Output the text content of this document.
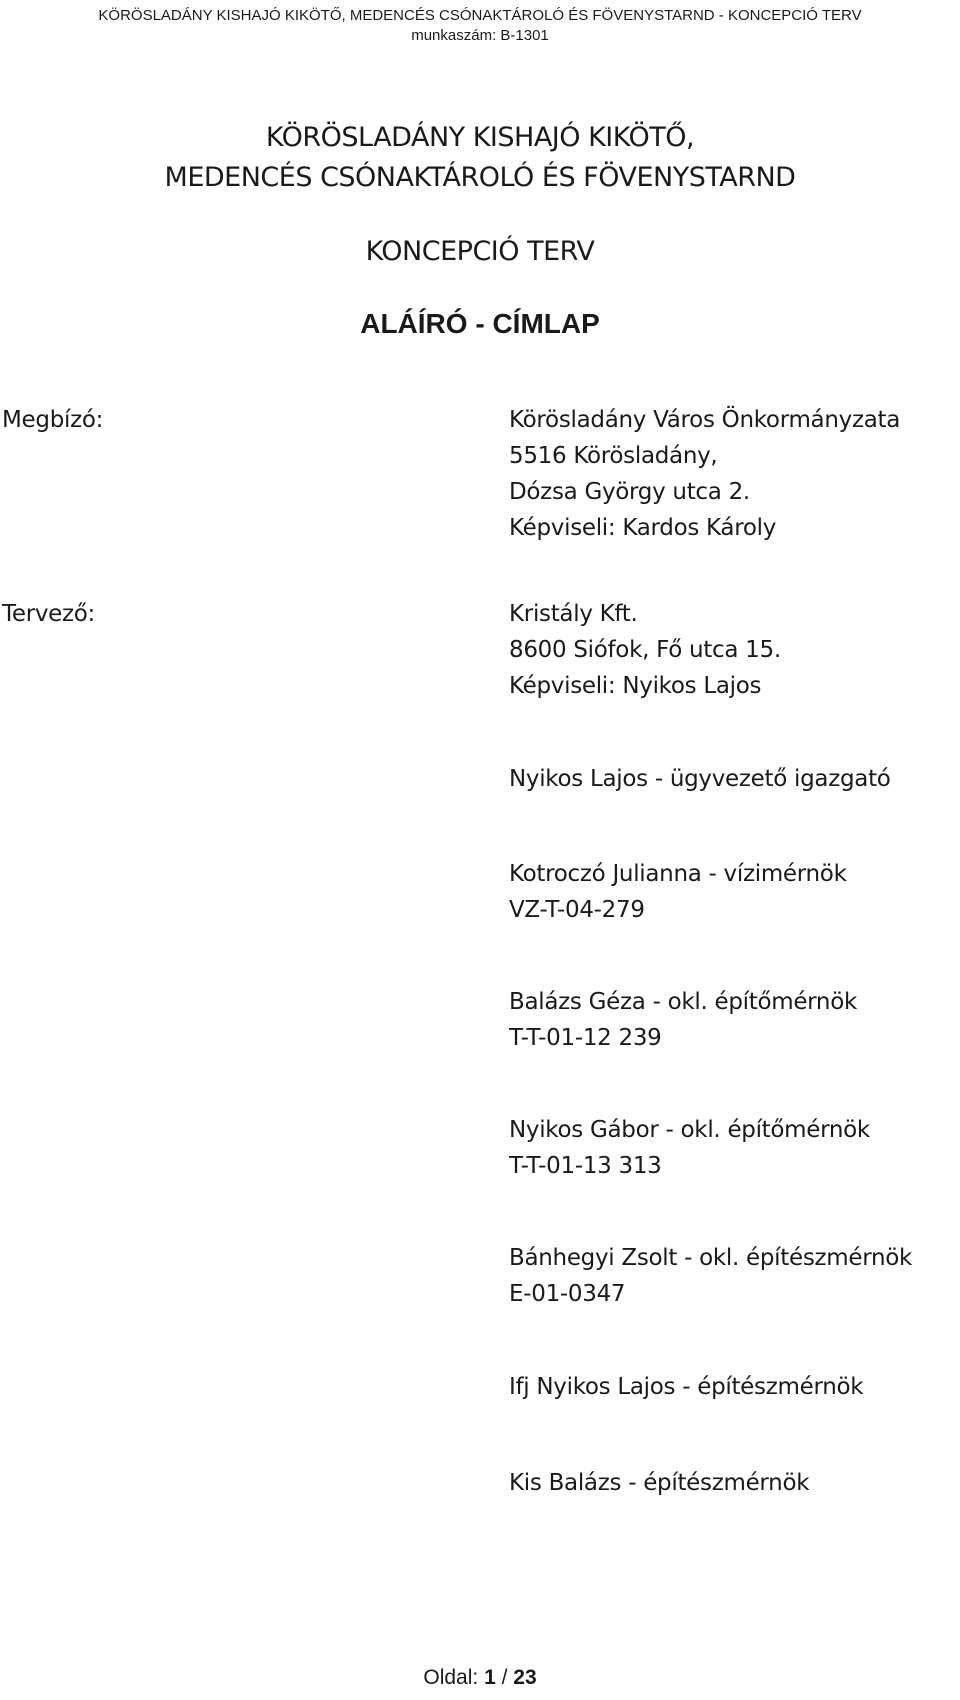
KÖRÖSLADÁNY KISHAJÓ KIKÖTŐ, MEDENCÉS CSÓNAKTÁROLÓ ÉS FÖVENYSTARND - KONCEPCIÓ TERV
munkaszám: B-1301
KÖRÖSLADÁNY KISHAJÓ KIKÖTŐ,
MEDENCÉS CSÓNAKTÁROLÓ ÉS FÖVENYSTARND
KONCEPCIÓ TERV
ALÁÍRÓ - CÍMLAP
Megbízó:	Körösladány Város Önkormányzata
5516 Körösladány,
Dózsa György utca 2.
Képviseli: Kardos Károly
Tervező:	Kristály Kft.
8600 Siófok, Fő utca 15.
Képviseli: Nyikos Lajos
Nyikos Lajos - ügyvezető igazgató
Kotroczó Julianna - vízimérnök
VZ-T-04-279
Balázs Géza - okl. építőmérnök
T-T-01-12 239
Nyikos Gábor - okl. építőmérnök
T-T-01-13 313
Bánhegyi Zsolt - okl. építészmérnök
E-01-0347
Ifj Nyikos Lajos - építészmérnök
Kis Balázs - építészmérnök
Oldal: 1 / 23
